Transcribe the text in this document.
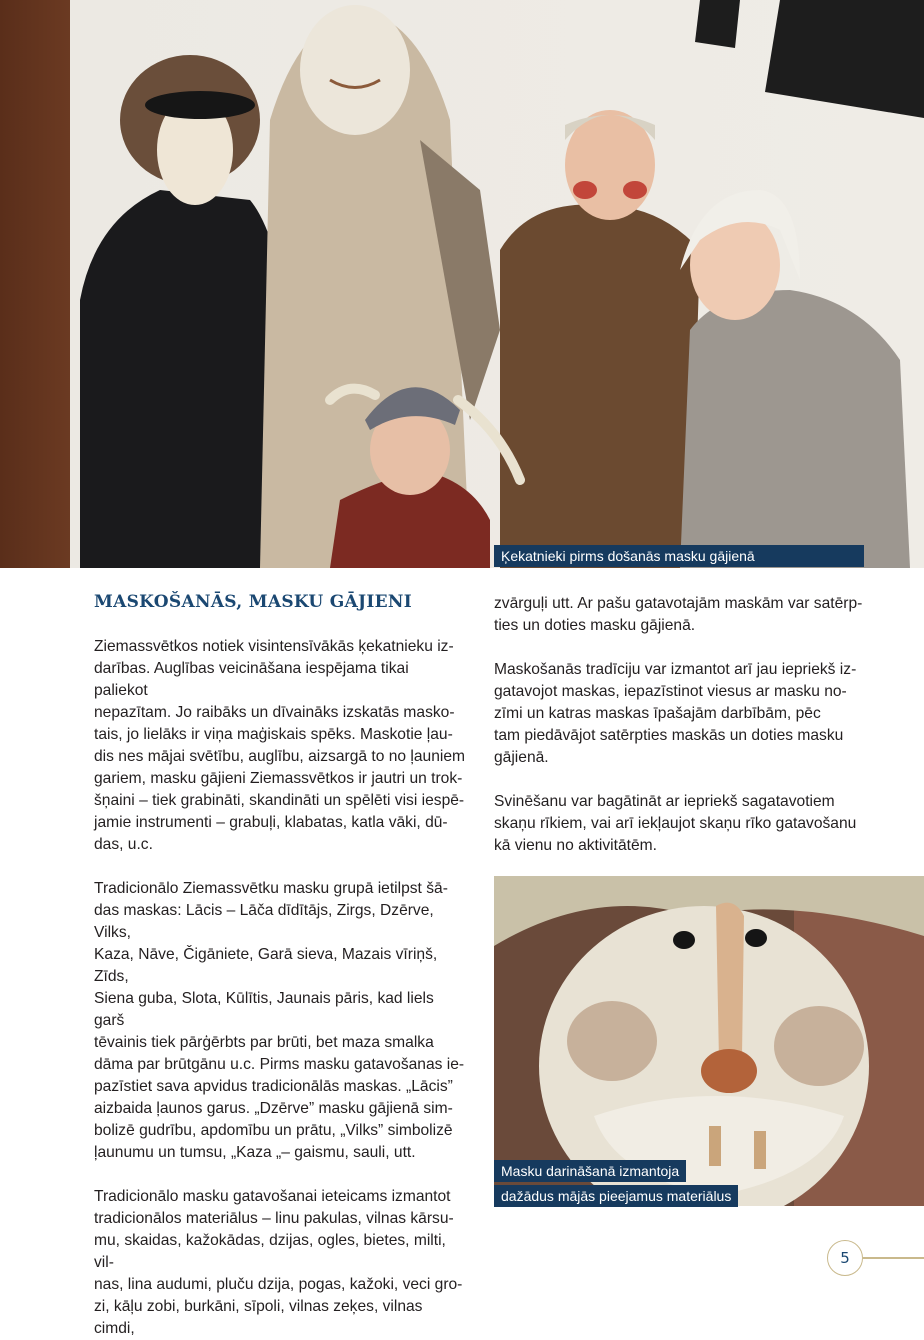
Ķekatnieki pirms došanās masku gājienā
MASKOŠANĀS, MASKU GĀJIENI

Ziemassvētkos notiek visintensīvākās ķekatnieku iz-
darības. Auglības veicināšana iespējama tikai paliekot
nepazītam. Jo raibāks un dīvaināks izskatās masko-
tais, jo lielāks ir viņa maģiskais spēks. Maskotie ļau-
dis nes mājai svētību, auglību, aizsargā to no ļauniem
gariem, masku gājieni Ziemassvētkos ir jautri un trok-
šņaini – tiek grabināti, skandināti un spēlēti visi iespē-
jamie instrumenti – grabuļi, klabatas, katla vāki, dū-
das, u.c.

Tradicionālo Ziemassvētku masku grupā ietilpst šā-
das maskas: Lācis – Lāča dīdītājs, Zirgs, Dzērve, Vilks,
Kaza, Nāve, Čigāniete, Garā sieva, Mazais vīriņš, Zīds,
Siena guba, Slota, Kūlītis, Jaunais pāris, kad liels garš
tēvainis tiek pārģērbts par brūti, bet maza smalka
dāma par brūtgānu u.c. Pirms masku gatavošanas ie-
pazīstiet sava apvidus tradicionālās maskas. „Lācis”
aizbaida ļaunos garus. „Dzērve” masku gājienā sim-
bolizē gudrību, apdomību un prātu, „Vilks” simbolizē
ļaunumu un tumsu, „Kaza „– gaismu, sauli, utt.

Tradicionālo masku gatavošanai ieteicams izmantot
tradicionālos materiālus – linu pakulas, vilnas kārsu-
mu, skaidas, kažokādas, dzijas, ogles, bietes, milti, vil-
nas, lina audumi, pluču dzija, pogas, kažoki, veci gro-
zi, kāļu zobi, burkāni, sīpoli, vilnas zeķes, vilnas cimdi,

zvārguļi utt. Ar pašu gatavotajām maskām var satērp-
ties un doties masku gājienā.

Maskošanās tradīciju var izmantot arī jau iepriekš iz-
gatavojot maskas, iepazīstinot viesus ar masku no-
zīmi un katras maskas īpašajām darbībām, pēc
tam piedāvājot satērpties maskās un doties masku
gājienā.

Svinēšanu var bagātināt ar iepriekš sagatavotiem
skaņu rīkiem, vai arī iekļaujot skaņu rīko gatavošanu
kā vienu no aktivitātēm.

Masku darināšanā izmantoja
dažādus mājās pieejamus materiālus
5
